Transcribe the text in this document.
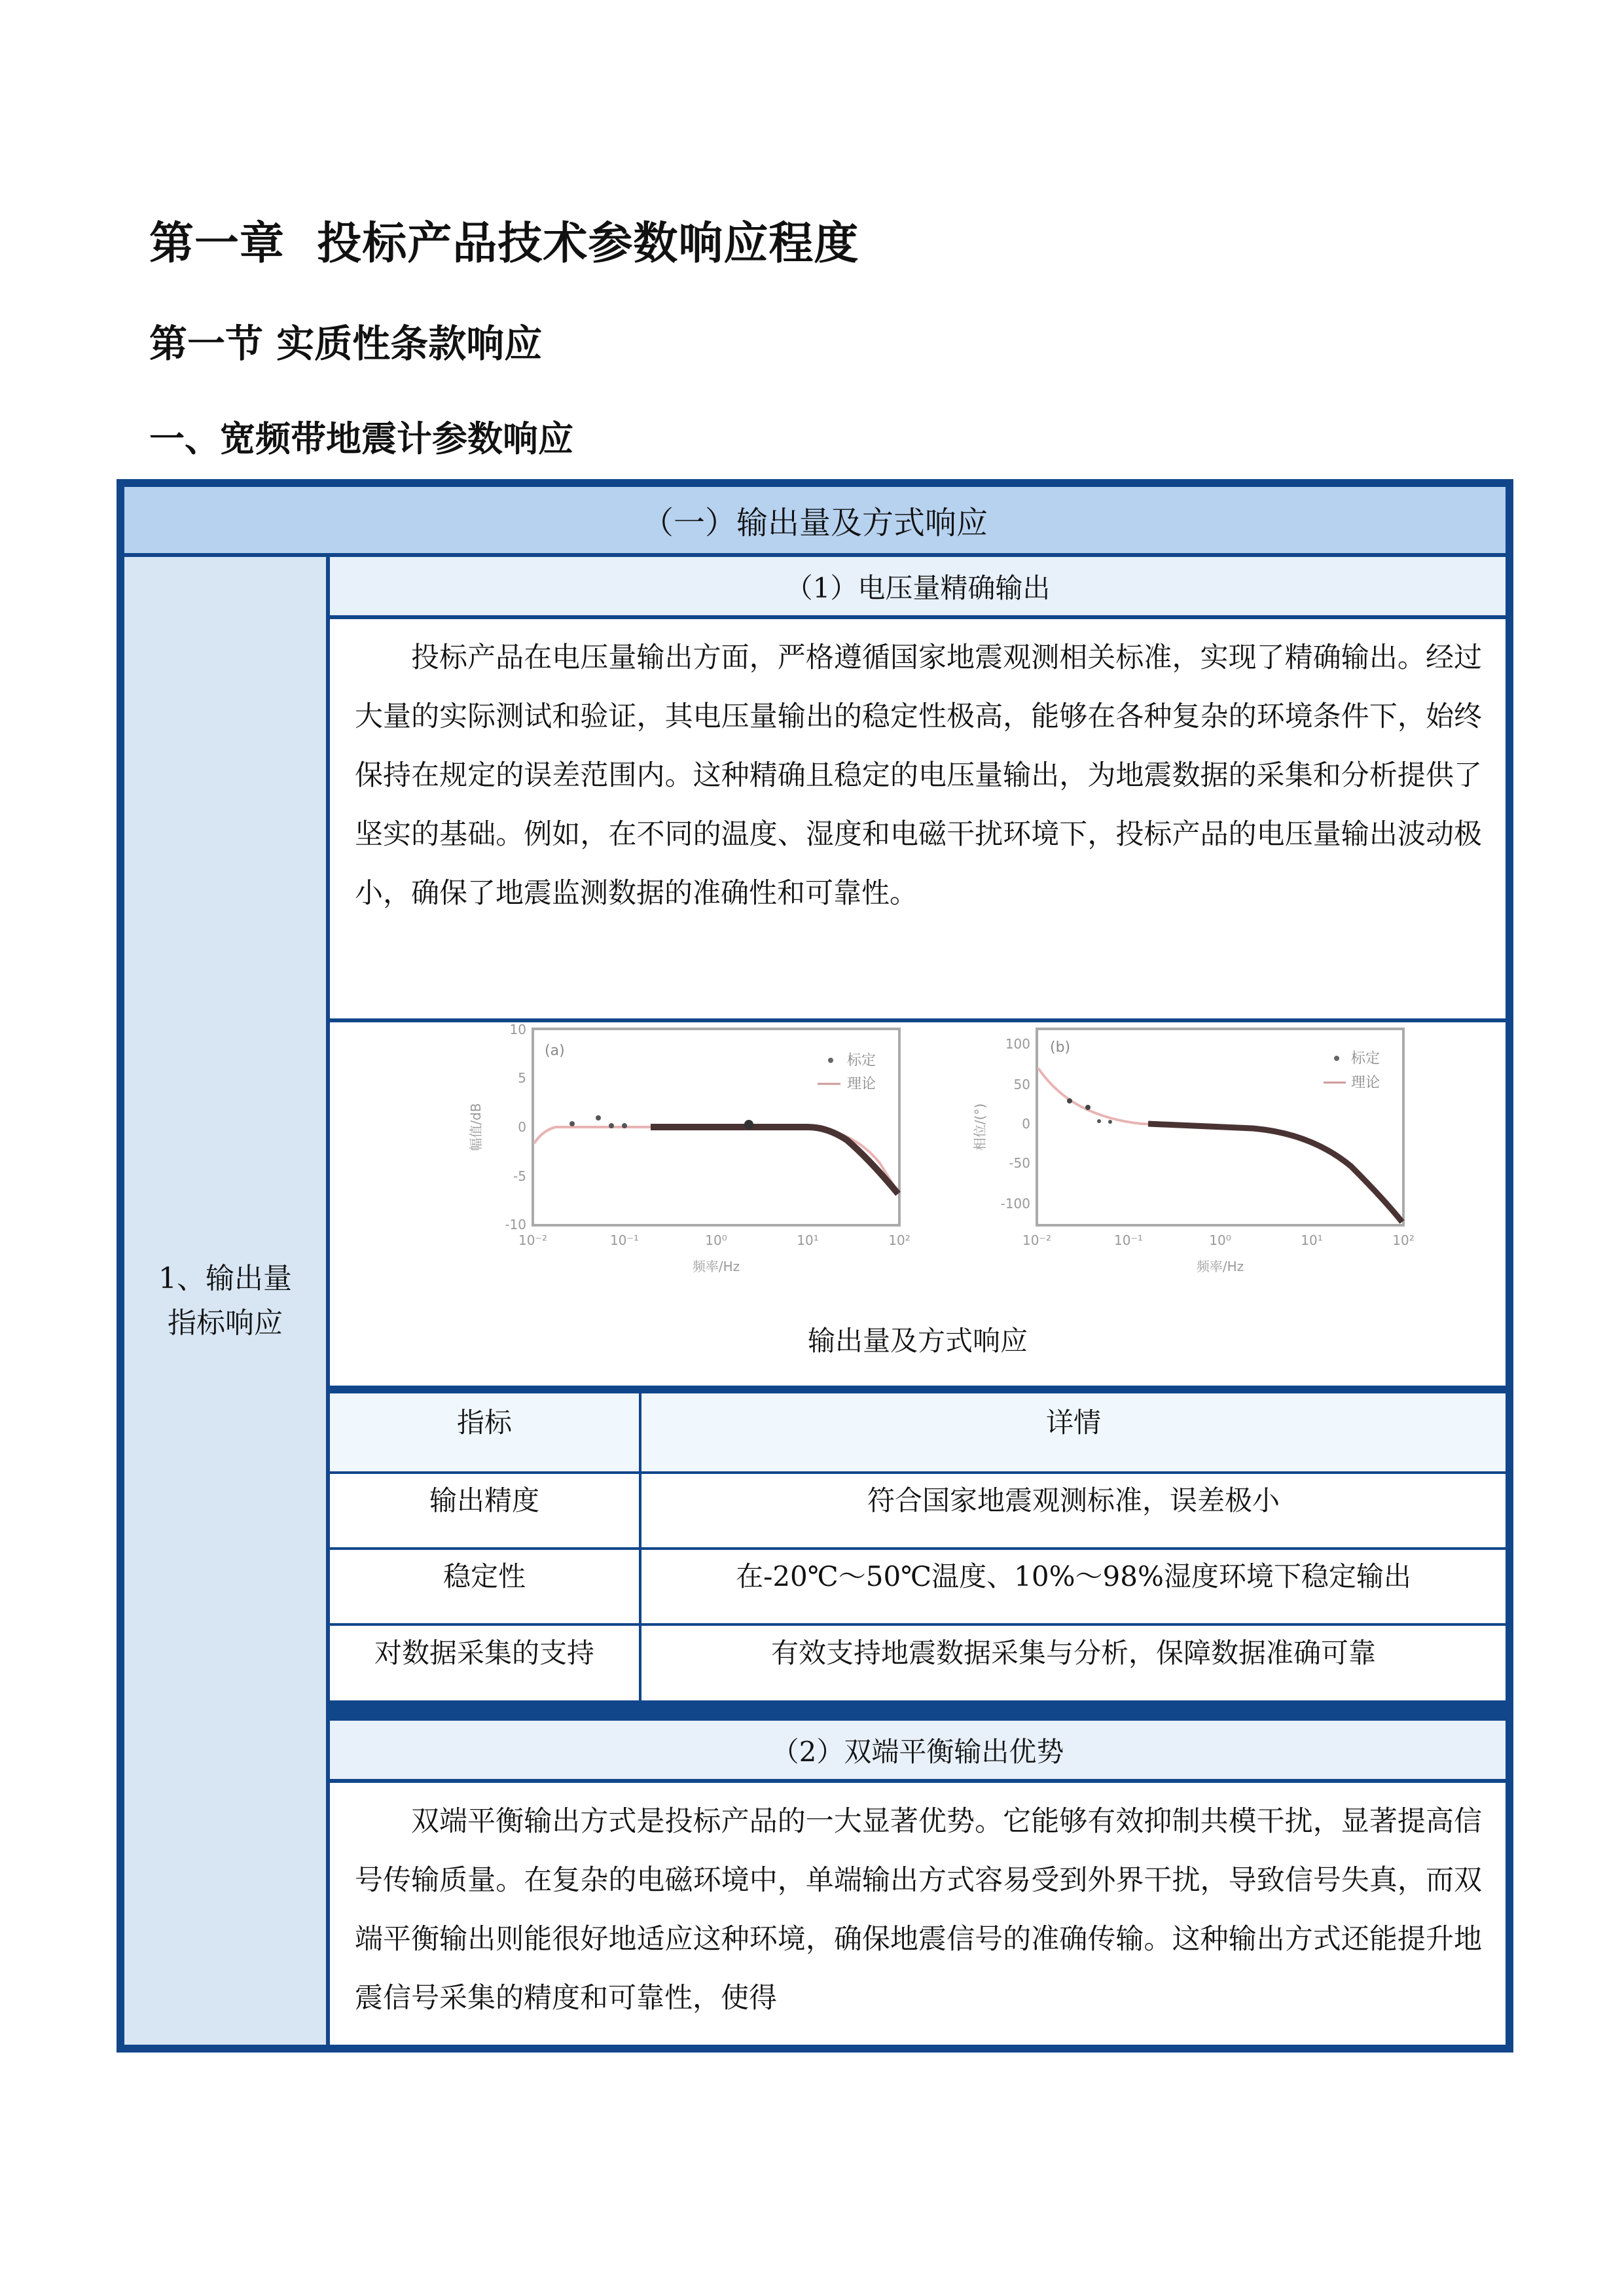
第一章  投标产品技术参数响应程度
第一节 实质性条款响应
一、宽频带地震计参数响应
（一）输出量及方式响应
1、输出量
指标响应
（1）电压量精确输出

投标产品在电压量输出方面，严格遵循国家地震观测相关标准，实现了精确输出。经过大量的实际测试和验证，其电压量输出的稳定性极高，能够在各种复杂的环境条件下，始终保持在规定的误差范围内。这种精确且稳定的电压量输出，为地震数据的采集和分析提供了坚实的基础。例如，在不同的温度、湿度和电磁干扰环境下，投标产品的电压量输出波动极小，确保了地震监测数据的准确性和可靠性。

(a)
标定
理论
10
5
0
-5
-10
10⁻²	10⁻¹	10⁰	10¹	10²
频率/Hz
幅值/dB
(b)
标定
理论
100
50
0
-50
-100
10⁻²	10⁻¹	10⁰	10¹	10²
频率/Hz
相位/(°)
输出量及方式响应
指标	详情
输出精度	符合国家地震观测标准，误差极小
稳定性	在-20℃～50℃温度、10%～98%湿度环境下稳定输出
对数据采集的支持	有效支持地震数据采集与分析，保障数据准确可靠
（2）双端平衡输出优势

双端平衡输出方式是投标产品的一大显著优势。它能够有效抑制共模干扰，显著提高信号传输质量。在复杂的电磁环境中，单端输出方式容易受到外界干扰，导致信号失真，而双端平衡输出则能很好地适应这种环境，确保地震信号的准确传输。这种输出方式还能提升地震信号采集的精度和可靠性，使得
